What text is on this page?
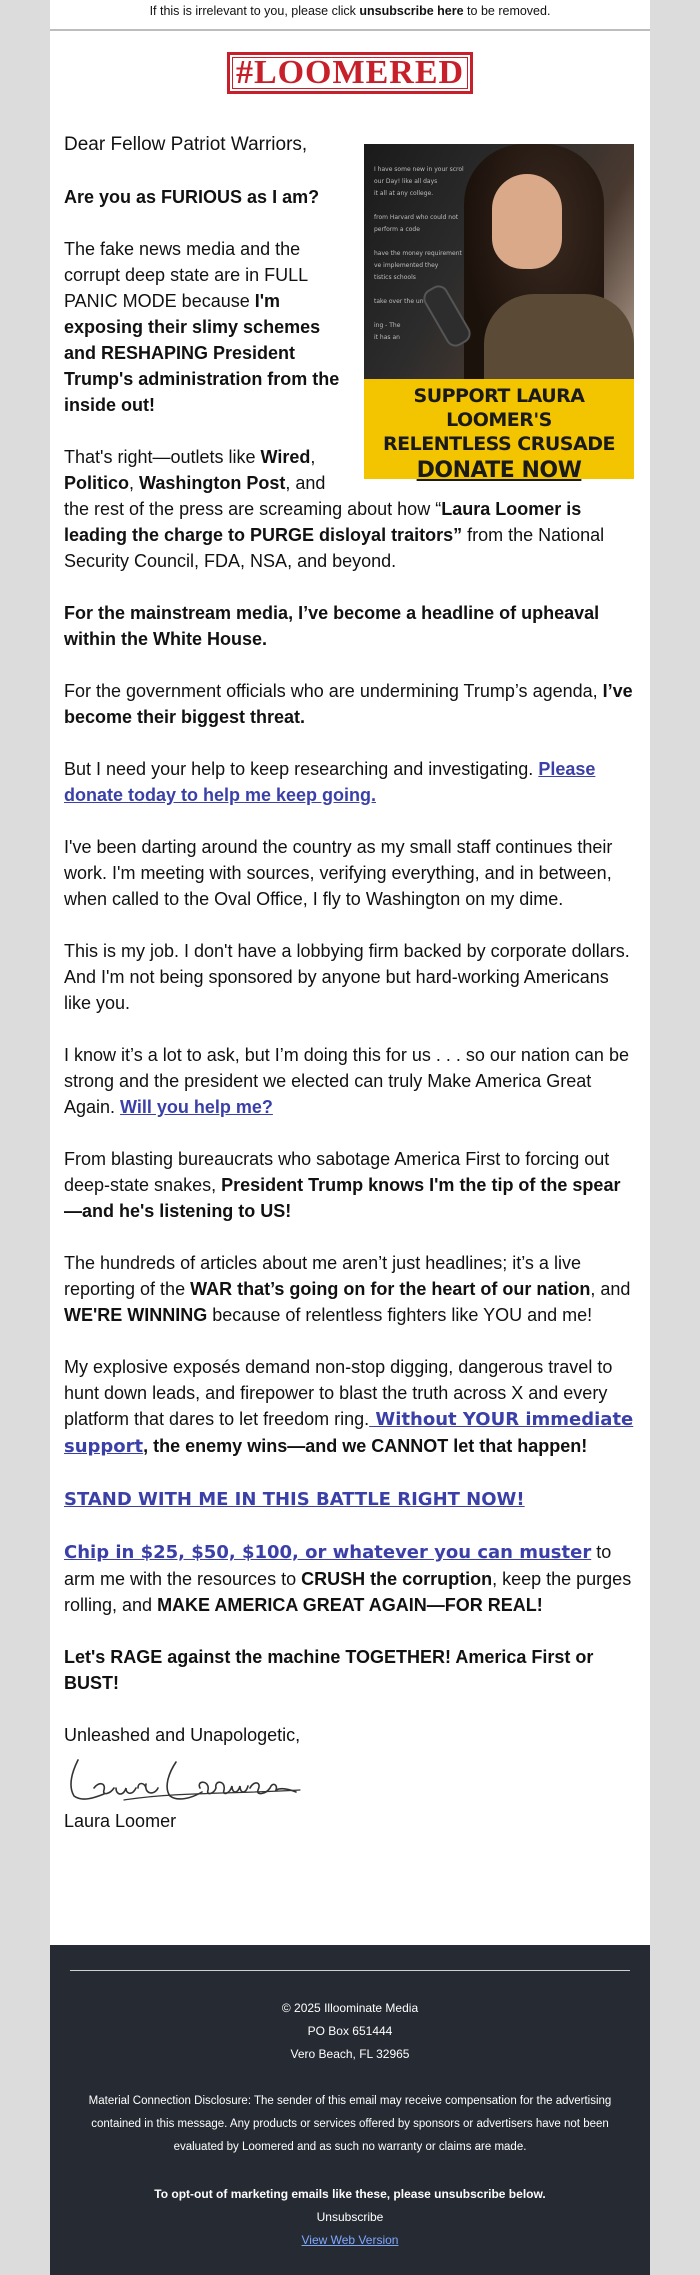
If this is irrelevant to you, please click unsubscribe here to be removed.
#LOOMERED
I have some new in your scrol
our Day! like all days
it all at any college.

from Harvard who could not perform a code

have the money requirement
ve implemented they
tistics schools

take over the un

ing - The
it has an
SUPPORT LAURA LOOMER'S
RELENTLESS CRUSADE
DONATE NOW

Dear Fellow Patriot Warriors,

Are you as FURIOUS as I am?

The fake news media and the corrupt deep state are in FULL PANIC MODE because I'm exposing their slimy schemes and RESHAPING President Trump's administration from the inside out!

That's right—outlets like Wired, Politico, Washington Post, and the rest of the press are screaming about how “Laura Loomer is leading the charge to PURGE disloyal traitors” from the National Security Council, FDA, NSA, and beyond.

For the mainstream media, I’ve become a headline of upheaval within the White House.

For the government officials who are undermining Trump’s agenda, I’ve become their biggest threat.

But I need your help to keep researching and investigating. Please donate today to help me keep going.

I've been darting around the country as my small staff continues their work. I'm meeting with sources, verifying everything, and in between, when called to the Oval Office, I fly to Washington on my dime.

This is my job. I don't have a lobbying firm backed by corporate dollars. And I'm not being sponsored by anyone but hard-working Americans like you.

I know it’s a lot to ask, but I’m doing this for us . . . so our nation can be strong and the president we elected can truly Make America Great Again. Will you help me?

From blasting bureaucrats who sabotage America First to forcing out deep-state snakes, President Trump knows I'm the tip of the spear—and he's listening to US!

The hundreds of articles about me aren’t just headlines; it’s a live reporting of the WAR that’s going on for the heart of our nation, and WE'RE WINNING because of relentless fighters like YOU and me!

My explosive exposés demand non-stop digging, dangerous travel to hunt down leads, and firepower to blast the truth across X and every platform that dares to let freedom ring. Without YOUR immediate support, the enemy wins—and we CANNOT let that happen!

STAND WITH ME IN THIS BATTLE RIGHT NOW!

Chip in $25, $50, $100, or whatever you can muster to arm me with the resources to CRUSH the corruption, keep the purges rolling, and MAKE AMERICA GREAT AGAIN—FOR REAL!

Let's RAGE against the machine TOGETHER! America First or BUST!

Unleashed and Unapologetic,

Laura Loomer

© 2025 Illoominate Media
PO Box 651444
Vero Beach, FL 32965
Material Connection Disclosure: The sender of this email may receive compensation for the advertising contained in this message. Any products or services offered by sponsors or advertisers have not been evaluated by Loomered and as such no warranty or claims are made.
To opt-out of marketing emails like these, please unsubscribe below.
Unsubscribe
View Web Version
